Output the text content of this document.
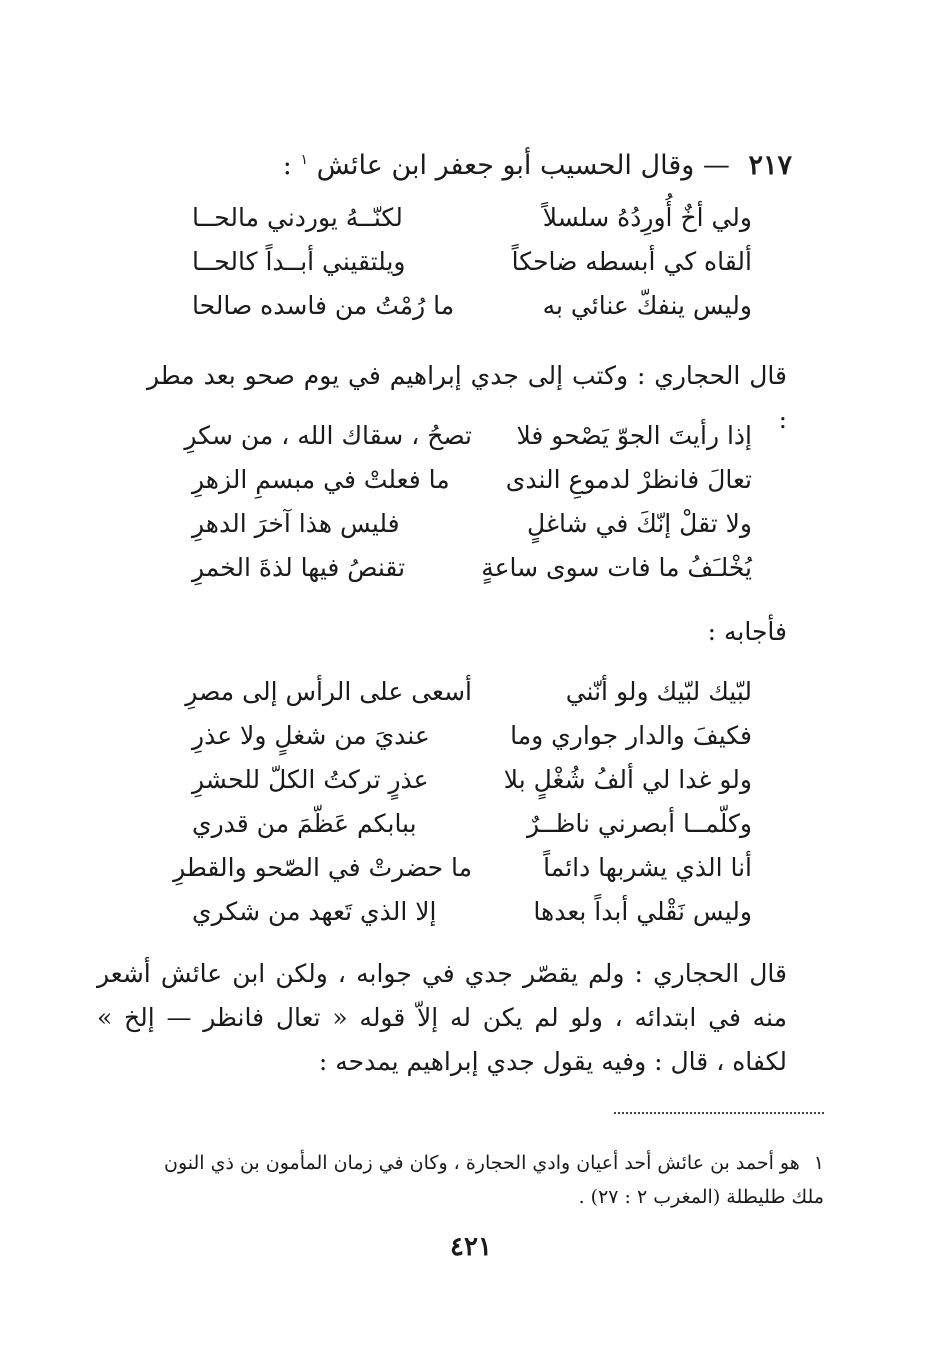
٢١٧ — وقال الحسيب أبو جعفر ابن عائش $^١$ :
ولي أخٌ أُورِدُهُ سلسلاً
لكنّــهُ يوردني مالحــا
ألقاه كي أبسطه ضاحكاً
ويلتقيني أبــداً كالحــا
وليس ينفكّ عنائي به
ما رُمْتُ من فاسده صالحا
قال الحجاري : وكتب إلى جدي إبراهيم في يوم صحو بعد مطر :
إذا رأيتَ الجوّ يَصْحو فلا
تصحُ ، سقاك الله ، من سكرِ
تعالَ فانظرْ لدموعِ الندى
ما فعلتْ في مبسمِ الزهرِ
ولا تقلْ إنّكَ في شاغلٍ
فليس هذا آخرَ الدهرِ
يُخْلـَفُ ما فات سوى ساعةٍ
تقنصُ فيها لذةَ الخمرِ
فأجابه :
لبّيك لبّيك ولو أنّني
أسعى على الرأس إلى مصرِ
فكيفَ والدار جواري وما
عنديَ من شغلٍ ولا عذرِ
ولو غدا لي ألفُ شُغْلٍ بلا
عذرٍ تركتُ الكلّ للحشرِ
وكلّمــا أبصرني ناظــرٌ
ببابكم عَظّمَ من قدري
أنا الذي يشربها دائماً
ما حضرتْ في الصّحو والقطرِ
وليس نَقْلي أبداً بعدها
إلا الذي تَعهد من شكري
قال الحجاري : ولم يقصّر جدي في جوابه ، ولكن ابن عائش أشعر منه في ابتدائه ، ولو لم يكن له إلاّ قوله « تعال فانظر — إلخ » لكفاه ، قال : وفيه يقول جدي إبراهيم يمدحه :
١ هو أحمد بن عائش أحد أعيان وادي الحجارة ، وكان في زمان المأمون بن ذي النون ملك طليطلة (المغرب ٢ : ٢٧) .
٤٢١
